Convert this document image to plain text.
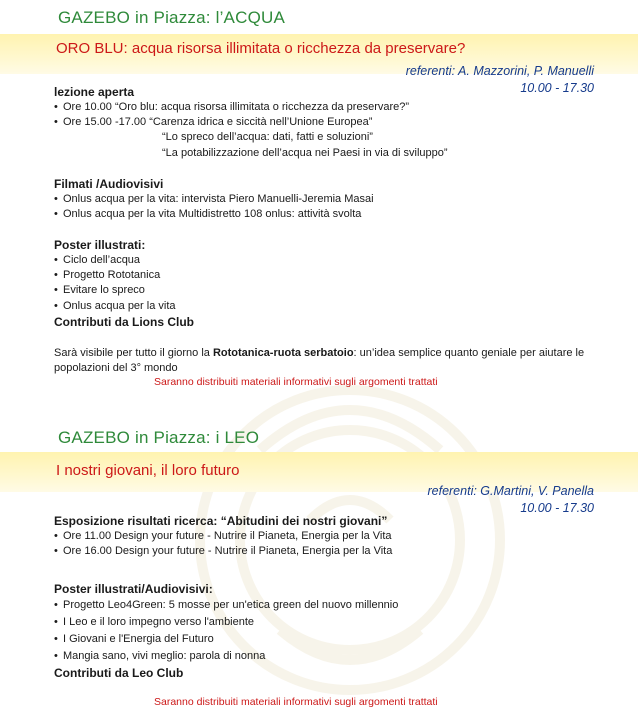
GAZEBO in Piazza: l’ACQUA
ORO BLU: acqua risorsa illimitata o ricchezza da preservare?
referenti: A. Mazzorini, P. Manuelli
10.00 - 17.30
lezione aperta
• Ore 10.00 “Oro blu: acqua risorsa illimitata o ricchezza da preservare?”
• Ore 15.00 -17.00 “Carenza idrica e siccità nell’Unione Europea”
“Lo spreco dell’acqua: dati, fatti e soluzioni”
“La potabilizzazione dell’acqua nei Paesi in via di sviluppo”
Filmati /Audiovisivi
• Onlus acqua per la vita: intervista Piero Manuelli-Jeremia Masai
• Onlus acqua per la vita Multidistretto 108 onlus: attività svolta
Poster illustrati:
• Ciclo dell’acqua
• Progetto Rototanica
• Evitare lo spreco
• Onlus acqua per la vita
Contributi da Lions Club
Sarà visibile per tutto il giorno la Rototanica-ruota serbatoio: un’idea semplice quanto geniale per aiutare le popolazioni del 3° mondo
Saranno distribuiti materiali informativi sugli argomenti trattati
GAZEBO in Piazza: i LEO
I nostri giovani, il loro futuro
referenti: G.Martini, V. Panella
10.00 - 17.30
Esposizione risultati ricerca: “Abitudini dei nostri giovani”
• Ore 11.00 Design your future - Nutrire il Pianeta, Energia per la Vita
• Ore 16.00 Design your future - Nutrire il Pianeta, Energia per la Vita
Poster illustrati/Audiovisivi:
• Progetto Leo4Green: 5 mosse per un'etica green del nuovo millennio
• I Leo e il loro impegno verso l'ambiente
• I Giovani e l'Energia del Futuro
• Mangia sano, vivi meglio: parola di nonna
Contributi da Leo Club
Saranno distribuiti materiali informativi sugli argomenti trattati
